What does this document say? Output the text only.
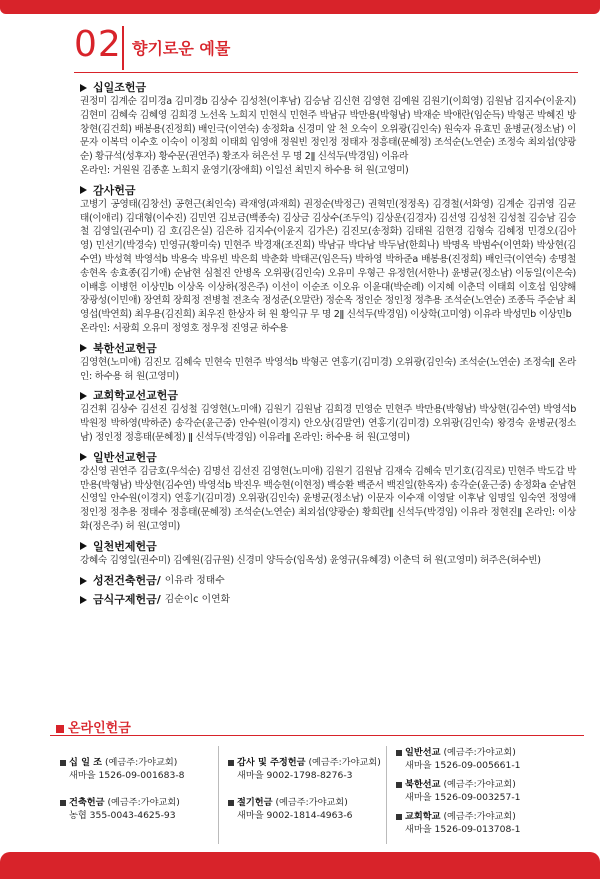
02 향기로운 예물
십일조헌금
권정미 김계순 김미경a 김미경b 김상수 김성천(이후남) 김승남 김신현 김영현 김예원 김원기(이희영) 김원남 김지수(이윤지) 김현미 김혜숙 김혜영 김희경 노선옥 노희지 민현식 민현주 박남규 박만용(박형남) 박재순 박애란(임순득) 박형곤 박혜진 방창현(김건희) 배봉용(진정희) 배인극(이연숙) 송정화a 신경미 알 천 오숙이 오위광(김인숙) 원숙자 유효민 윤병균(정소남) 이문자 이복덕 이수호 이숙이 이정희 이태희 임영애 정원빈 정인정 정태자 정흥태(문혜정) 조석순(노연순) 조정숙 최외섭(양광순) 황규석(성후자) 황수문(권연주) 황조자 허은선 무 명 2ǁ 신석두(박경임) 이유라
온라인: 거원원 김종훈 노희지 윤영기(장애희) 이일선 최민지 하수용 허 원(고영미)
감사헌금
고병기 공영태(김창선) 공현근(최인숙) 곽재영(과재희) 권정순(박정근) 권혁민(정정옥) 김경철(서화영) 김계순 김귀영 김균태(이애리) 김대형(이수진) 김민연 김보금(백종숙) 김상금 김상수(조두익) 김상운(김경자) 김선영 김성천 김성철 김승남 김승철 김영일(권수미) 김 호(김은실) 김은하 김지수(이윤지 김가은) 김진모(송정화) 김태원 김현경 김형숙 김혜정 민경오(김아영) 민선기(박경숙) 민영규(황미숙) 민현주 박경재(조진희) 박남규 박다남 박두남(한희나) 박명옥 박범수(이연화) 박상현(김수연) 박성혁 박영석b 박용숙 박유빈 박은희 박춘화 박태곤(임은득) 박하영 박하준a 배봉용(진정희) 배인극(이연숙) 송명철 송현옥 송효종(김기애) 순남현 심철진 안병옥 오위광(김인숙) 오유미 우형근 유정헌(서한나) 윤병균(정소남) 이동일(이은숙) 이배흥 이병헌 이상민b 이상옥 이상하(정은주) 이선이 이순조 이오유 이윤대(박순례) 이지혜 이춘덕 이태희 이호섭 임양해 장광성(이민애) 장연희 장희정 전병철 전초숙 정성준(오말란) 정순옥 정인순 정인정 정추용 조석순(노연순) 조종득 주순남 최영섭(박연희) 최우용(김진희) 최우진 한상자 허 원 황익규 무 명 2ǁ 신석두(박경임) 이상학(고미영) 이유라 박성민b 이상민b
온라인: 서광희 오유미 정영호 정우정 진영균 하수용
북한선교헌금
김영현(노미애) 김진모 김혜숙 민현숙 민현주 박영석b 박형곤 연홍기(김미경) 오위광(김인숙) 조석순(노연순) 조정숙ǁ 온라인: 하수용 허 원(고영미)
교회학교선교헌금
김건휘 김상수 김선진 김성철 김영현(노미애) 김원기 김원남 김희경 민영순 민현주 박만용(박형남) 박상현(김수연) 박영석b 박원정 박하영(박하준) 송각순(윤근중) 안수원(이경지) 안오상(김말연) 연홍기(김미경) 오위광(김인숙) 왕경숙 윤병균(정소남) 정인정 정흥태(문혜정) ǁ 신석두(박경임) 이유라ǁ 온라인: 하수용 허 원(고영미)
일반선교헌금
강신영 권연주 김금호(우석순) 김명선 김선진 김영현(노미애) 김원기 김원남 김재숙 김혜숙 민기호(김직로) 민현주 박도갑 박만용(박형남) 박상현(김수연) 박영석b 박진우 백승현(이현정) 백승환 백준서 백진일(한옥자) 송각순(윤근중) 송정화a 순남현 신영일 안수원(이경지) 연홍기(김미경) 오위광(김인숙) 윤병균(정소남) 이문자 이수재 이영달 이후남 임명일 임숙연 정영애 정인정 정추용 정태수 정흥태(문혜정) 조석순(노연순) 최외섭(양광순) 황희란ǁ 신석두(박경임) 이유라 정현진ǁ 온라인: 이상화(정은주) 허 원(고영미)
일천번제헌금
강혜숙 김영일(권수미) 김예원(김규원) 신경미 양득승(임옥성) 윤영규(유혜경) 이춘덕 허 원(고영미) 허주은(허수빈)
성전건축헌금/ 이유라 정태수
금식구제헌금/ 김순이c 이연화
온라인헌금
십 일 조 (예금주:가야교회)
새마을 1526-09-001683-8
건축헌금 (예금주:가야교회)
농협 355-0043-4625-93
감사 및 주정헌금 (예금주:가야교회)
새마을 9002-1798-8276-3
절기헌금 (예금주:가야교회)
새마을 9002-1814-4963-6
일반선교 (예금주:가야교회)
새마을 1526-09-005661-1
북한선교 (예금주:가야교회)
새마을 1526-09-003257-1
교회학교 (예금주:가야교회)
새마을 1526-09-013708-1
